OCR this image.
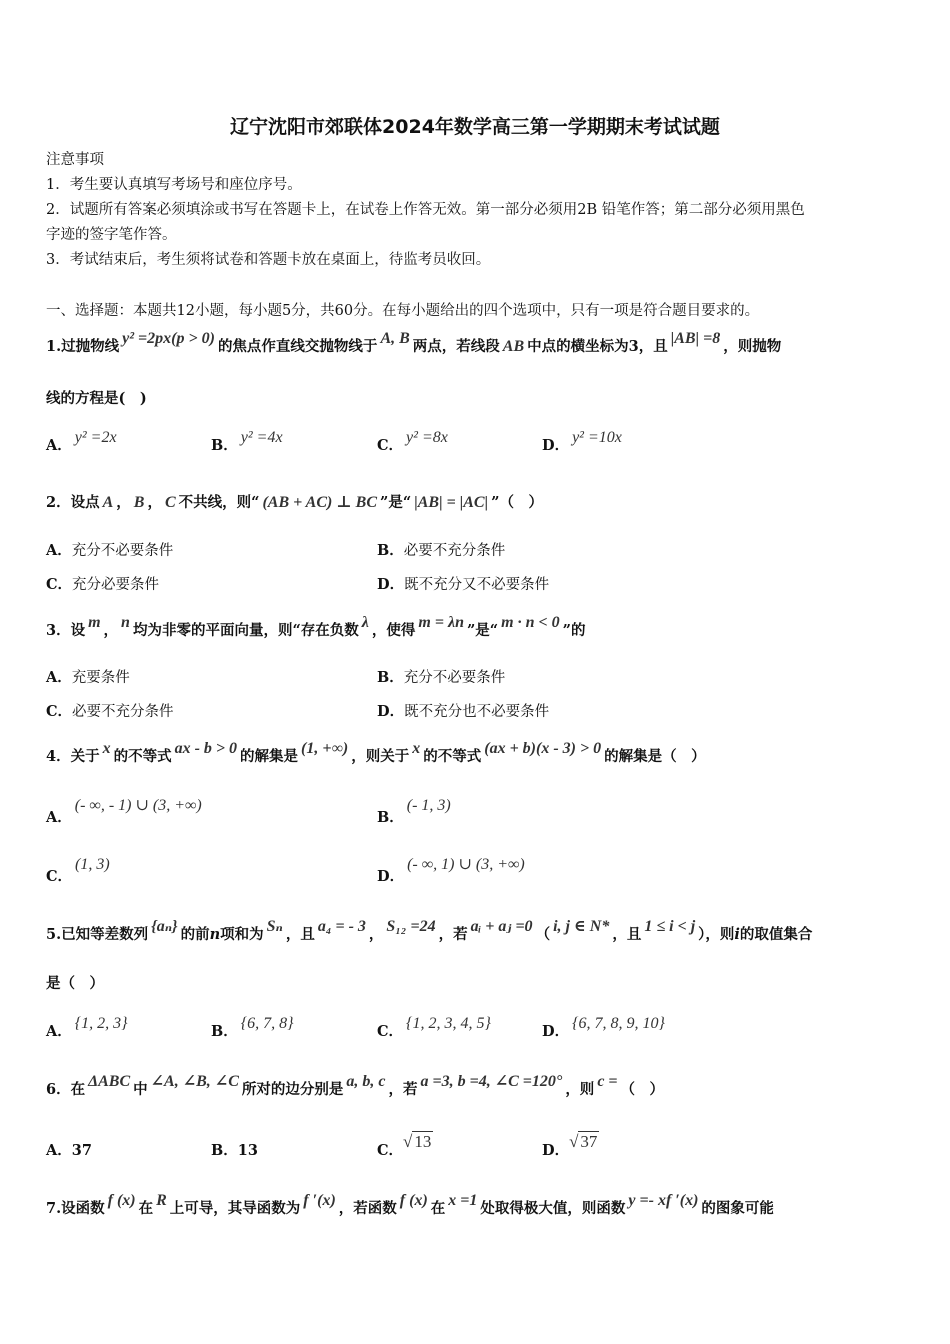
辽宁沈阳市郊联体2024年数学高三第一学期期末考试试题
注意事项
1．考生要认真填写考场号和座位序号。
2．试题所有答案必须填涂或书写在答题卡上，在试卷上作答无效。第一部分必须用2B 铅笔作答；第二部分必须用黑色
字迹的签字笔作答。
3．考试结束后，考生须将试卷和答题卡放在桌面上，待监考员收回。
一、选择题：本题共12小题，每小题5分，共60分。在每小题给出的四个选项中，只有一项是符合题目要求的。
1.过抛物线 y² =2px(p > 0) 的焦点作直线交抛物线于 A, B 两点，若线段 AB 中点的横坐标为3，且 |AB| =8 ，则抛物
线的方程是(　)
A． y² =2x	B． y² =4x	C． y² =8x	D． y² =10x
2．设点 A ， B ， C 不共线，则“ (AB + AC) ⊥ BC ”是“ |AB| = |AC| ”（　）
A．充分不必要条件	B．必要不充分条件
C．充分必要条件	D．既不充分又不必要条件
3．设 m ， n 均为非零的平面向量，则“存在负数 λ ，使得 m = λn ”是“ m · n < 0 ”的
A．充要条件	B．充分不必要条件
C．必要不充分条件	D．既不充分也不必要条件
4．关于 x 的不等式 ax - b > 0 的解集是 (1, +∞) ，则关于 x 的不等式 (ax + b)(x - 3) > 0 的解集是（　）
A．(- ∞, - 1) ∪ (3, +∞)
B．(- 1, 3)
C．(1, 3)
D．(- ∞, 1) ∪ (3, +∞)
5.已知等差数列 {aₙ} 的前n项和为 Sₙ ，且 a₄ = - 3 ， S₁₂ =24 ，若 aᵢ + aⱼ =0 （ i, j ∈ N* ，且 1 ≤ i < j ），则i的取值集合
是（　）
A． {1, 2, 3}	B． {6, 7, 8}	C． {1, 2, 3, 4, 5}	D． {6, 7, 8, 9, 10}
6．在 ΔABC 中 ∠A, ∠B, ∠C 所对的边分别是 a, b, c ，若 a =3, b =4, ∠C =120° ，则 c = （　）
A．37	B．13	C．√ 13	D．√ 37
7.设函数 f (x) 在 R 上可导，其导函数为 f ′(x) ，若函数 f (x) 在 x =1 处取得极大值，则函数 y =- xf ′(x) 的图象可能
